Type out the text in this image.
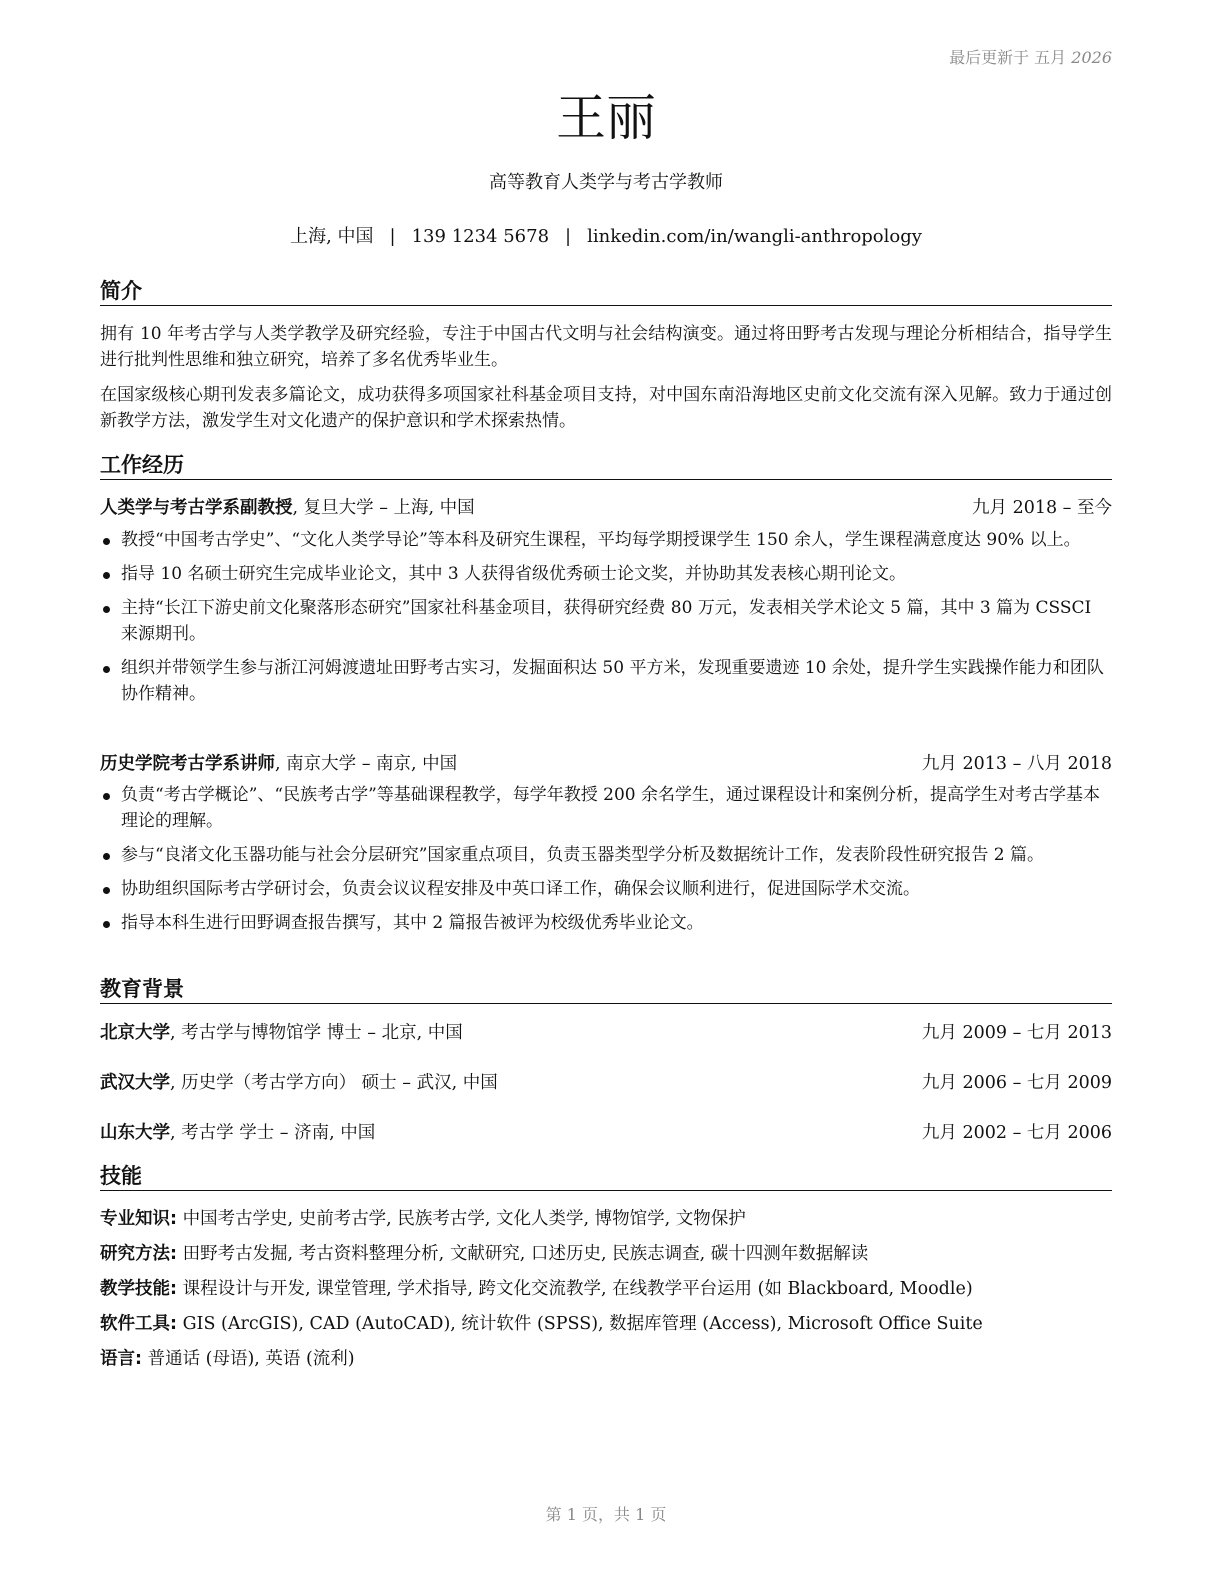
最后更新于 五月 2026
王丽
高等教育人类学与考古学教师
上海, 中国 | 139 1234 5678 | linkedin.com/in/wangli-anthropology
简介
拥有 10 年考古学与人类学教学及研究经验，专注于中国古代文明与社会结构演变。通过将田野考古发现与理论分析相结合，指导学生进行批判性思维和独立研究，培养了多名优秀毕业生。
在国家级核心期刊发表多篇论文，成功获得多项国家社科基金项目支持，对中国东南沿海地区史前文化交流有深入见解。致力于通过创新教学方法，激发学生对文化遗产的保护意识和学术探索热情。
工作经历
人类学与考古学系副教授, 复旦大学 – 上海, 中国	九月 2018 – 至今
教授“中国考古学史”、“文化人类学导论”等本科及研究生课程，平均每学期授课学生 150 余人，学生课程满意度达 90% 以上。
指导 10 名硕士研究生完成毕业论文，其中 3 人获得省级优秀硕士论文奖，并协助其发表核心期刊论文。
主持“长江下游史前文化聚落形态研究”国家社科基金项目，获得研究经费 80 万元，发表相关学术论文 5 篇，其中 3 篇为 CSSCI 来源期刊。
组织并带领学生参与浙江河姆渡遗址田野考古实习，发掘面积达 50 平方米，发现重要遗迹 10 余处，提升学生实践操作能力和团队协作精神。
历史学院考古学系讲师, 南京大学 – 南京, 中国	九月 2013 – 八月 2018
负责“考古学概论”、“民族考古学”等基础课程教学，每学年教授 200 余名学生，通过课程设计和案例分析，提高学生对考古学基本理论的理解。
参与“良渚文化玉器功能与社会分层研究”国家重点项目，负责玉器类型学分析及数据统计工作，发表阶段性研究报告 2 篇。
协助组织国际考古学研讨会，负责会议议程安排及中英口译工作，确保会议顺利进行，促进国际学术交流。
指导本科生进行田野调查报告撰写，其中 2 篇报告被评为校级优秀毕业论文。
教育背景
北京大学, 考古学与博物馆学 博士 – 北京, 中国	九月 2009 – 七月 2013
武汉大学, 历史学（考古学方向） 硕士 – 武汉, 中国	九月 2006 – 七月 2009
山东大学, 考古学 学士 – 济南, 中国	九月 2002 – 七月 2006
技能
专业知识: 中国考古学史, 史前考古学, 民族考古学, 文化人类学, 博物馆学, 文物保护
研究方法: 田野考古发掘, 考古资料整理分析, 文献研究, 口述历史, 民族志调查, 碳十四测年数据解读
教学技能: 课程设计与开发, 课堂管理, 学术指导, 跨文化交流教学, 在线教学平台运用 (如 Blackboard, Moodle)
软件工具: GIS (ArcGIS), CAD (AutoCAD), 统计软件 (SPSS), 数据库管理 (Access), Microsoft Office Suite
语言: 普通话 (母语), 英语 (流利)
第 1 页，共 1 页
